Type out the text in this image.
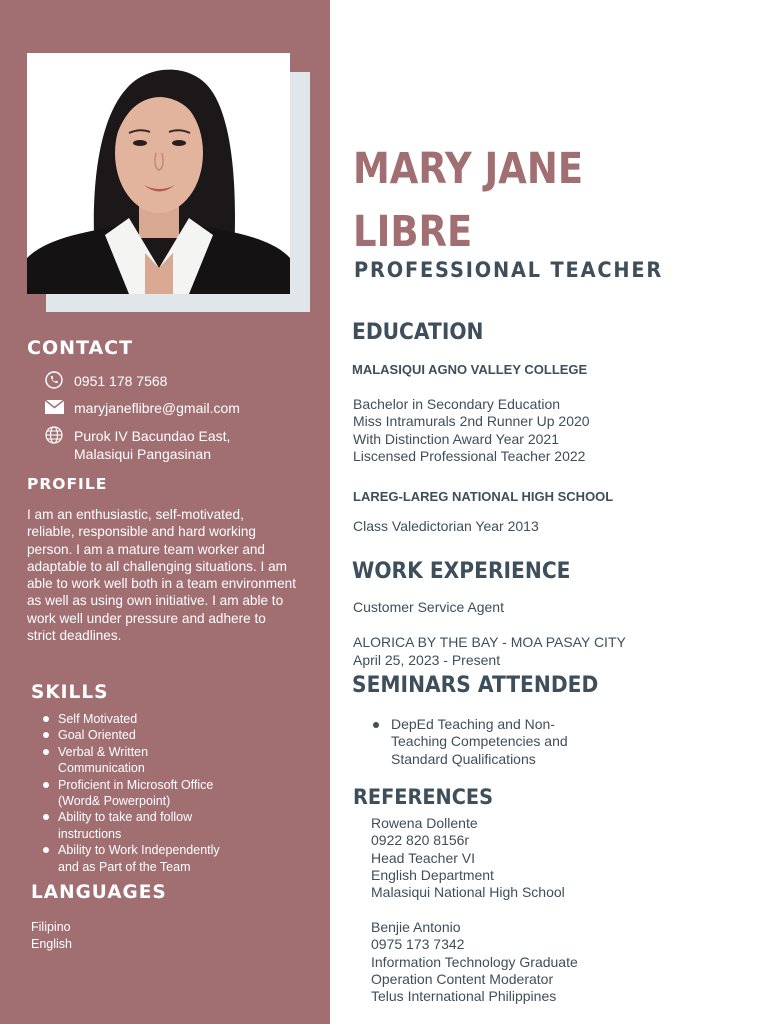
CONTACT
0951 178 7568
maryjaneflibre@gmail.com
Purok IV Bacundao East,
Malasiqui Pangasinan
PROFILE
I am an enthusiastic, self-motivated,
reliable, responsible and hard working
person. I am a mature team worker and
adaptable to all challenging situations. I am
able to work well both in a team environment
as well as using own initiative. I am able to
work well under pressure and adhere to
strict deadlines.
SKILLS
Self Motivated
Goal Oriented
Verbal & Written
Communication
Proficient in Microsoft Office
(Word& Powerpoint)
Ability to take and follow
instructions
Ability to Work Independently
and as Part of the Team
LANGUAGES
Filipino
English
MARY JANE
LIBRE
PROFESSIONAL TEACHER
EDUCATION
MALASIQUI AGNO VALLEY COLLEGE
Bachelor in Secondary Education
Miss Intramurals 2nd Runner Up 2020
With Distinction Award Year 2021
Liscensed Professional Teacher 2022
LAREG-LAREG NATIONAL HIGH SCHOOL
Class Valedictorian Year 2013
WORK EXPERIENCE
Customer Service Agent
ALORICA BY THE BAY - MOA PASAY CITY
April 25, 2023 - Present
SEMINARS ATTENDED
DepEd Teaching and Non-
Teaching Competencies and
Standard Qualifications
REFERENCES
Rowena Dollente
0922 820 8156r
Head Teacher VI
English Department
Malasiqui National High School
Benjie Antonio
0975 173 7342
Information Technology Graduate
Operation Content Moderator
Telus International Philippines
